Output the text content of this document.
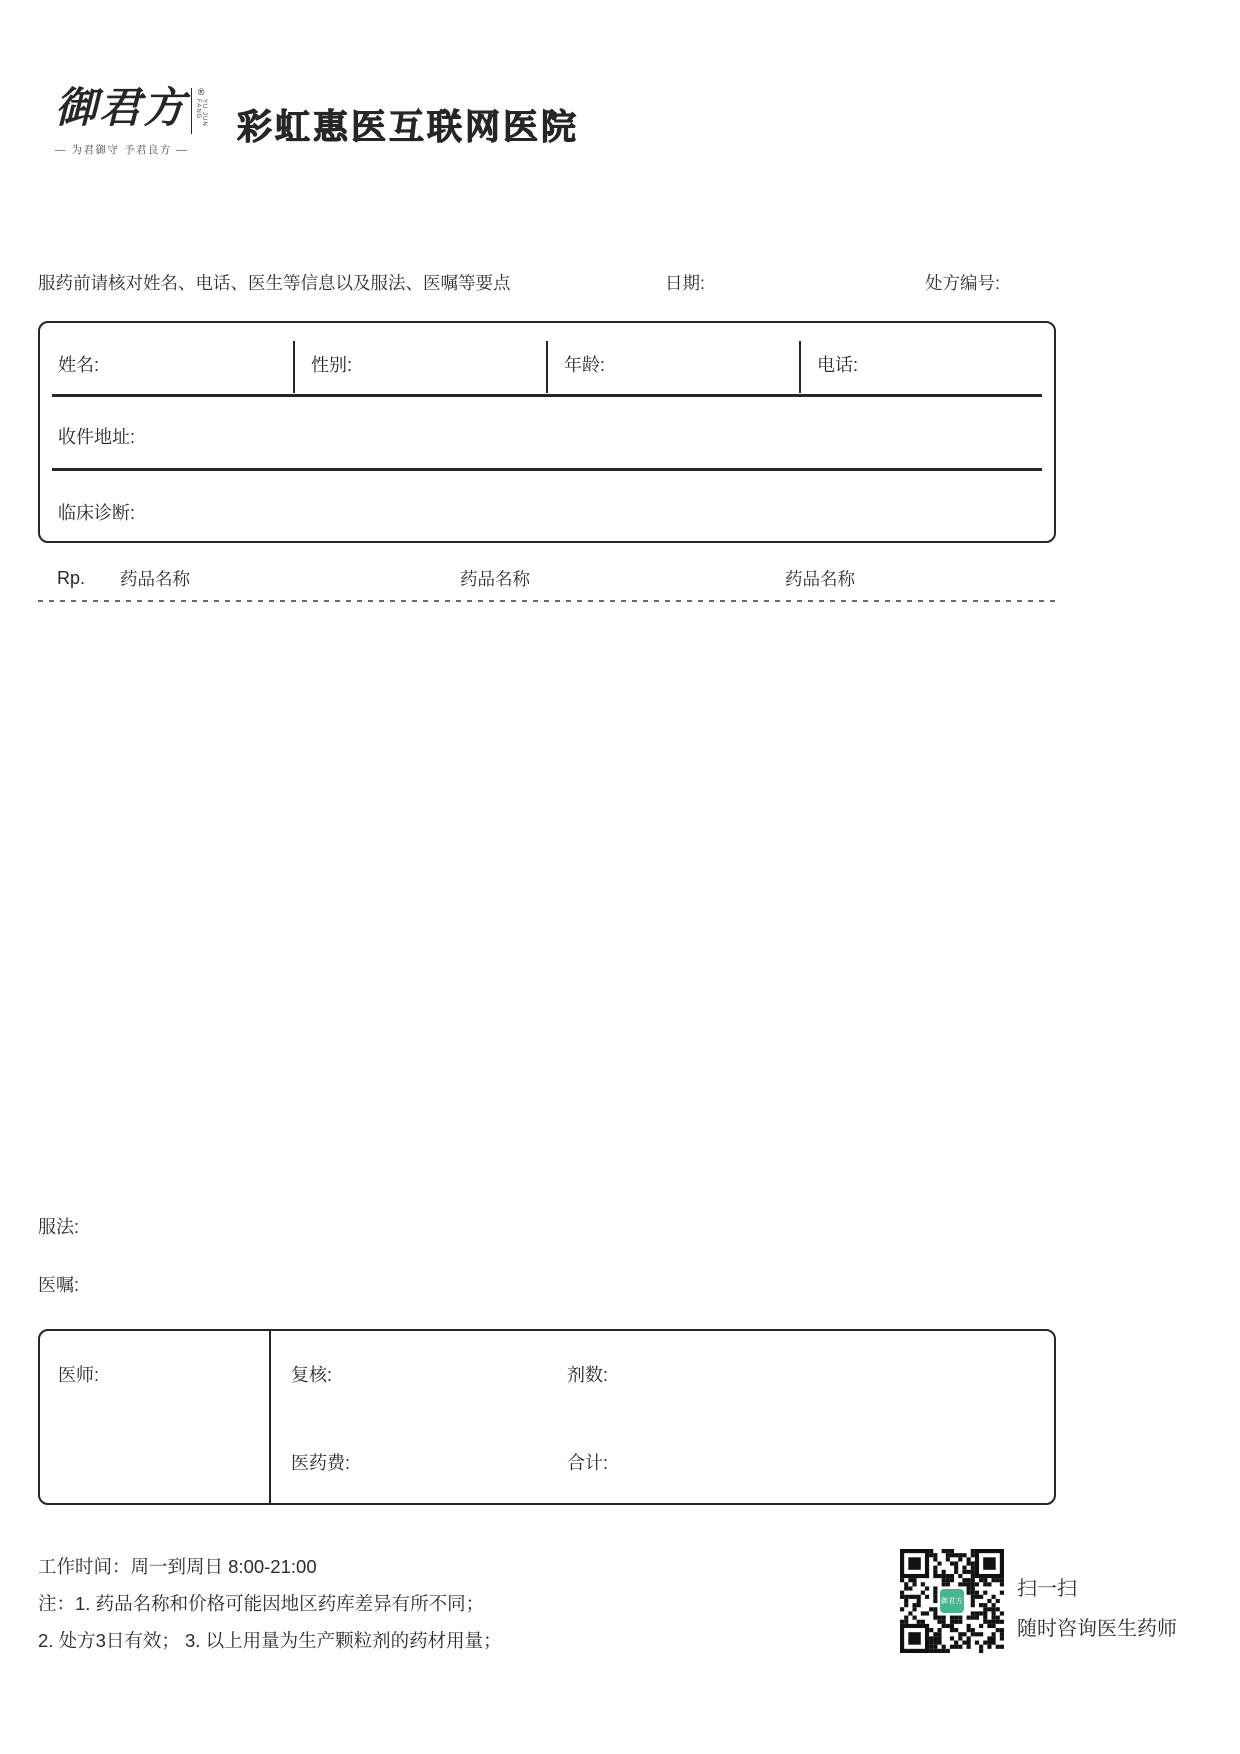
御君方 ®
YU JUN FANG
— 为君御守 予君良方 —
彩虹惠医互联网医院
服药前请核对姓名、电话、医生等信息以及服法、医嘱等要点	日期:	处方编号:
姓名:	性别:	年龄:	电话:
收件地址:
临床诊断:
Rp. 药品名称	药品名称	药品名称
服法:
医嘱:
医师:	复核:	剂数:
医药费:	合计:
工作时间：周一到周日 8:00-21:00
注：1. 药品名称和价格可能因地区药库差异有所不同；
2. 处方3日有效； 3. 以上用量为生产颗粒剂的药材用量；
御君方
扫一扫
随时咨询医生药师
